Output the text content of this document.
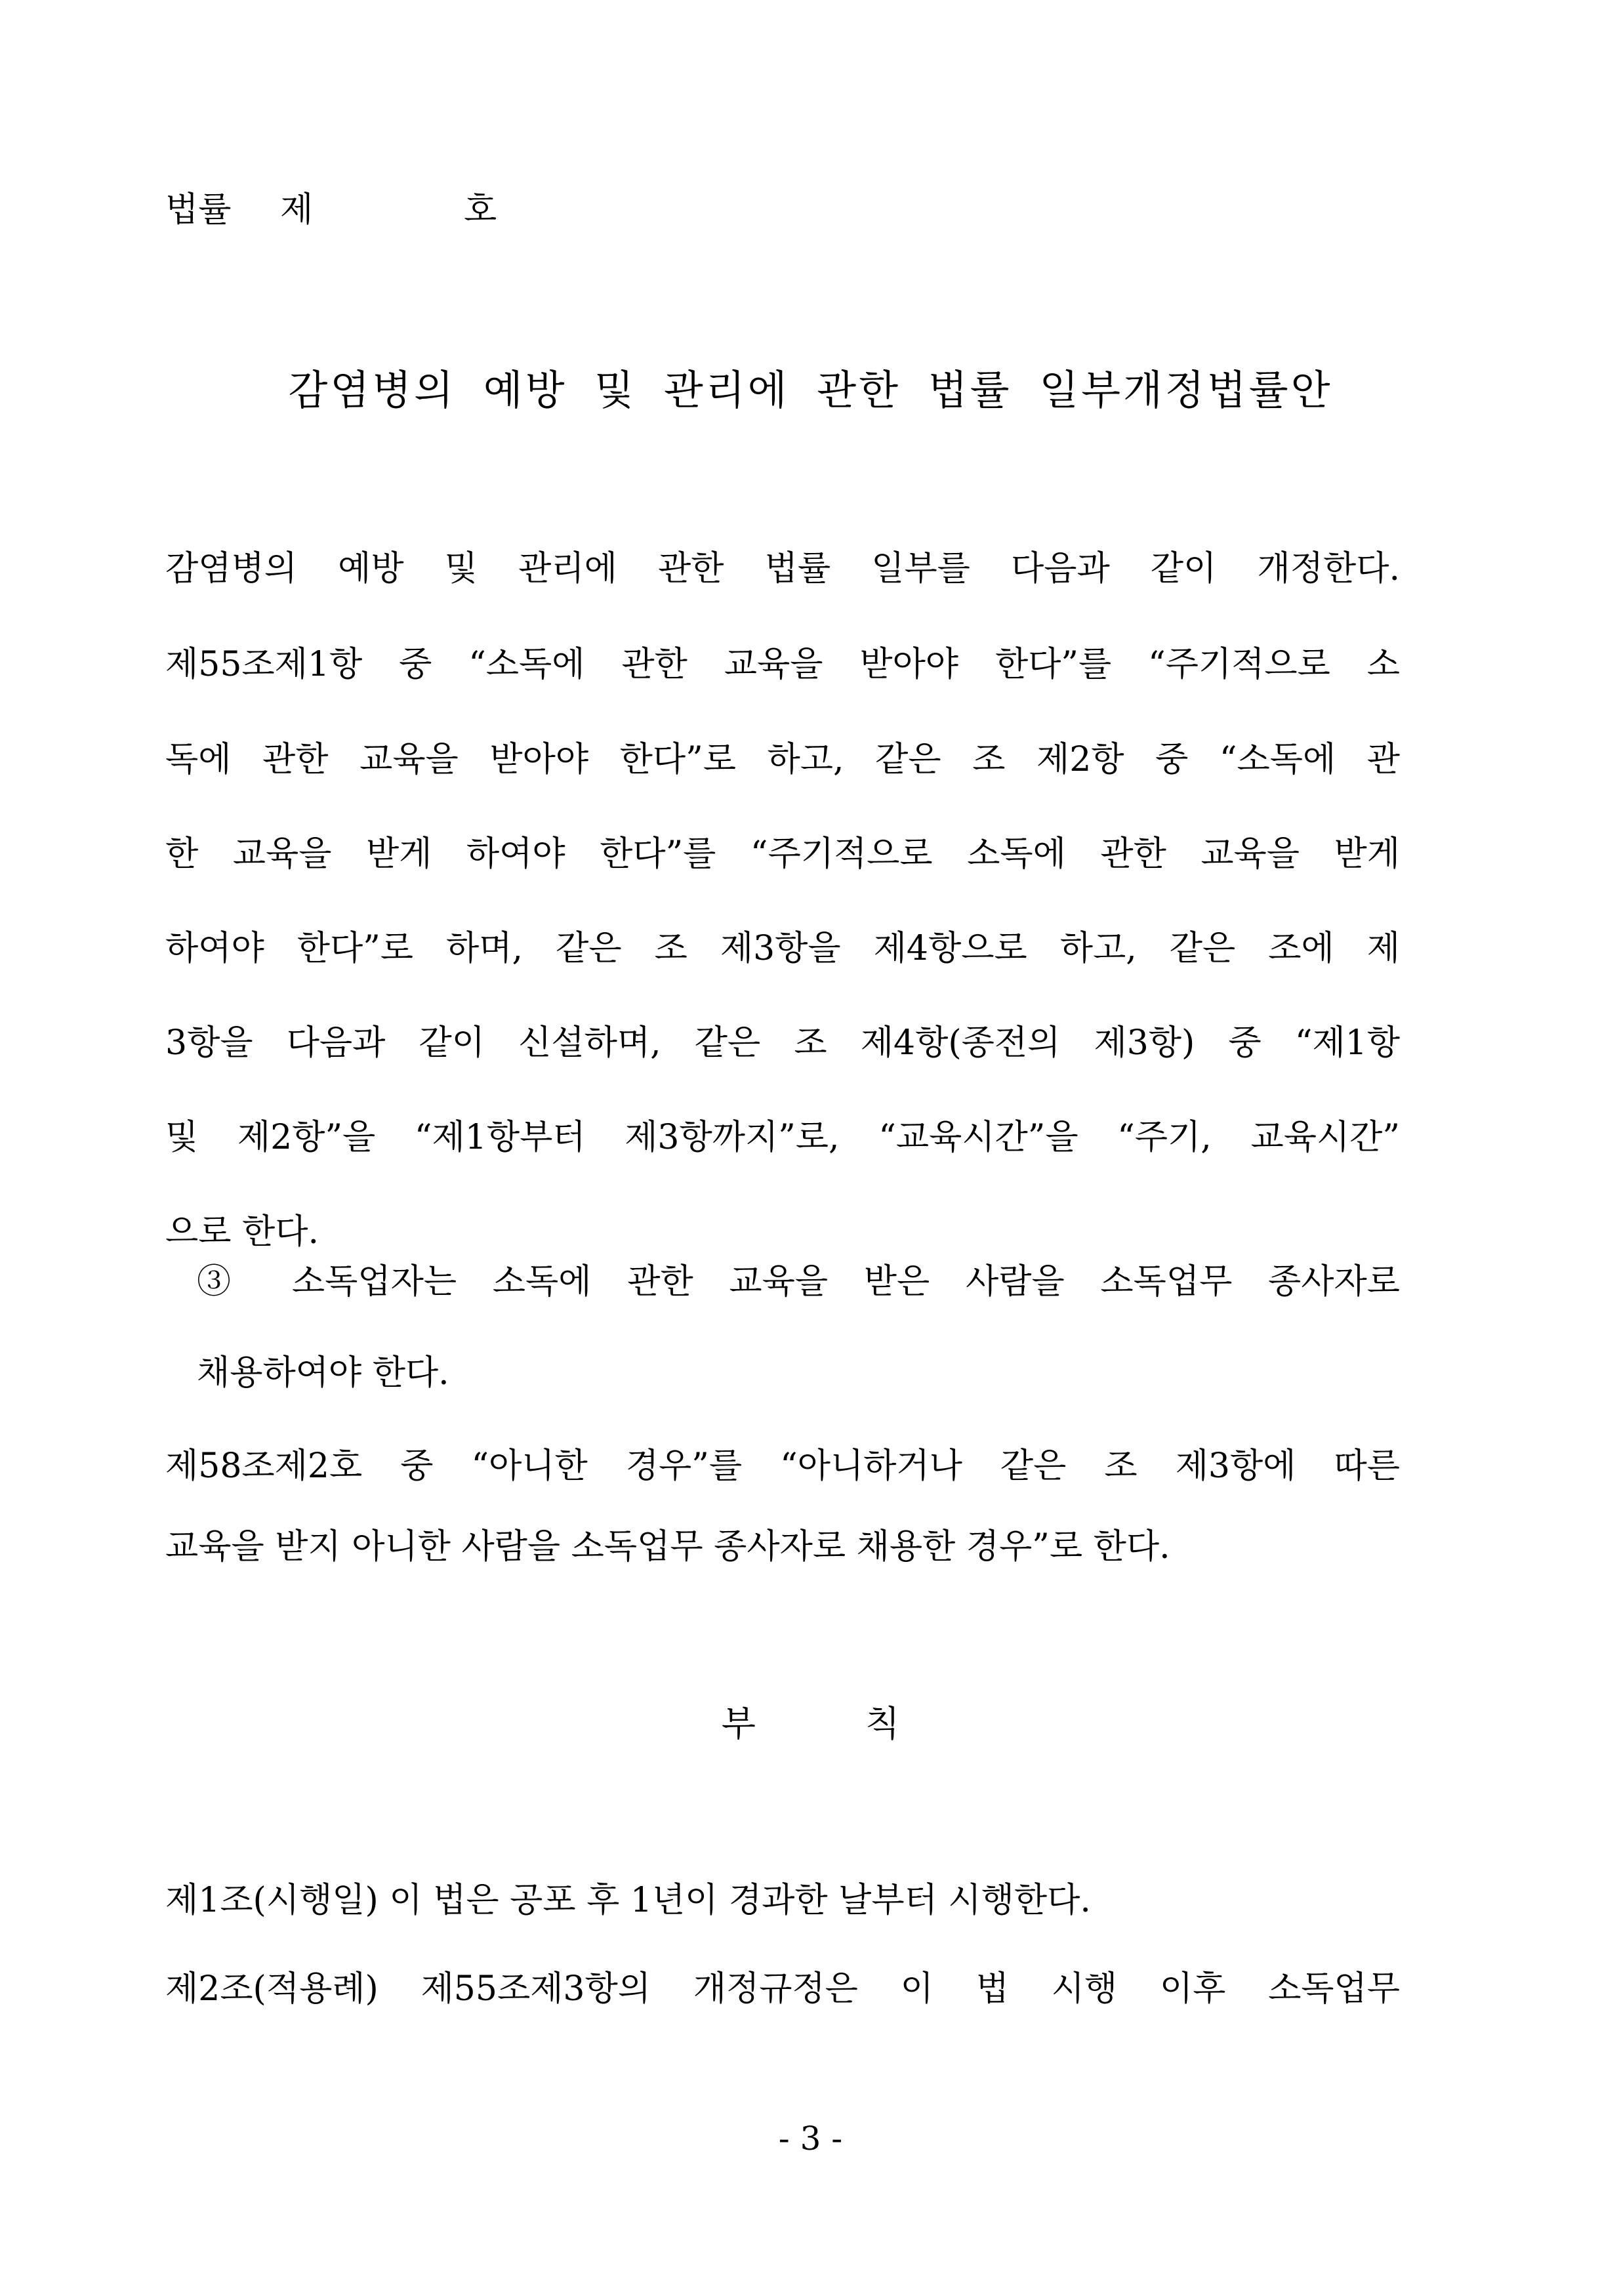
법률 제	호
감염병의 예방 및 관리에 관한 법률 일부개정법률안
감염병의 예방 및 관리에 관한 법률 일부를 다음과 같이 개정한다.
제55조제1항 중 “소독에 관한 교육을 받아야 한다”를 “주기적으로 소
독에 관한 교육을 받아야 한다”로 하고, 같은 조 제2항 중 “소독에 관
한 교육을 받게 하여야 한다”를 “주기적으로 소독에 관한 교육을 받게
하여야 한다”로 하며, 같은 조 제3항을 제4항으로 하고, 같은 조에 제
3항을 다음과 같이 신설하며, 같은 조 제4항(종전의 제3항) 중 “제1항
및 제2항”을 “제1항부터 제3항까지”로, “교육시간”을 “주기, 교육시간”
으로 한다.
③ 소독업자는 소독에 관한 교육을 받은 사람을 소독업무 종사자로
채용하여야 한다.
제58조제2호 중 “아니한 경우”를 “아니하거나 같은 조 제3항에 따른
교육을 받지 아니한 사람을 소독업무 종사자로 채용한 경우”로 한다.
부 칙
제1조(시행일) 이 법은 공포 후 1년이 경과한 날부터 시행한다.
제2조(적용례) 제55조제3항의 개정규정은 이 법 시행 이후 소독업무
- 3 -
